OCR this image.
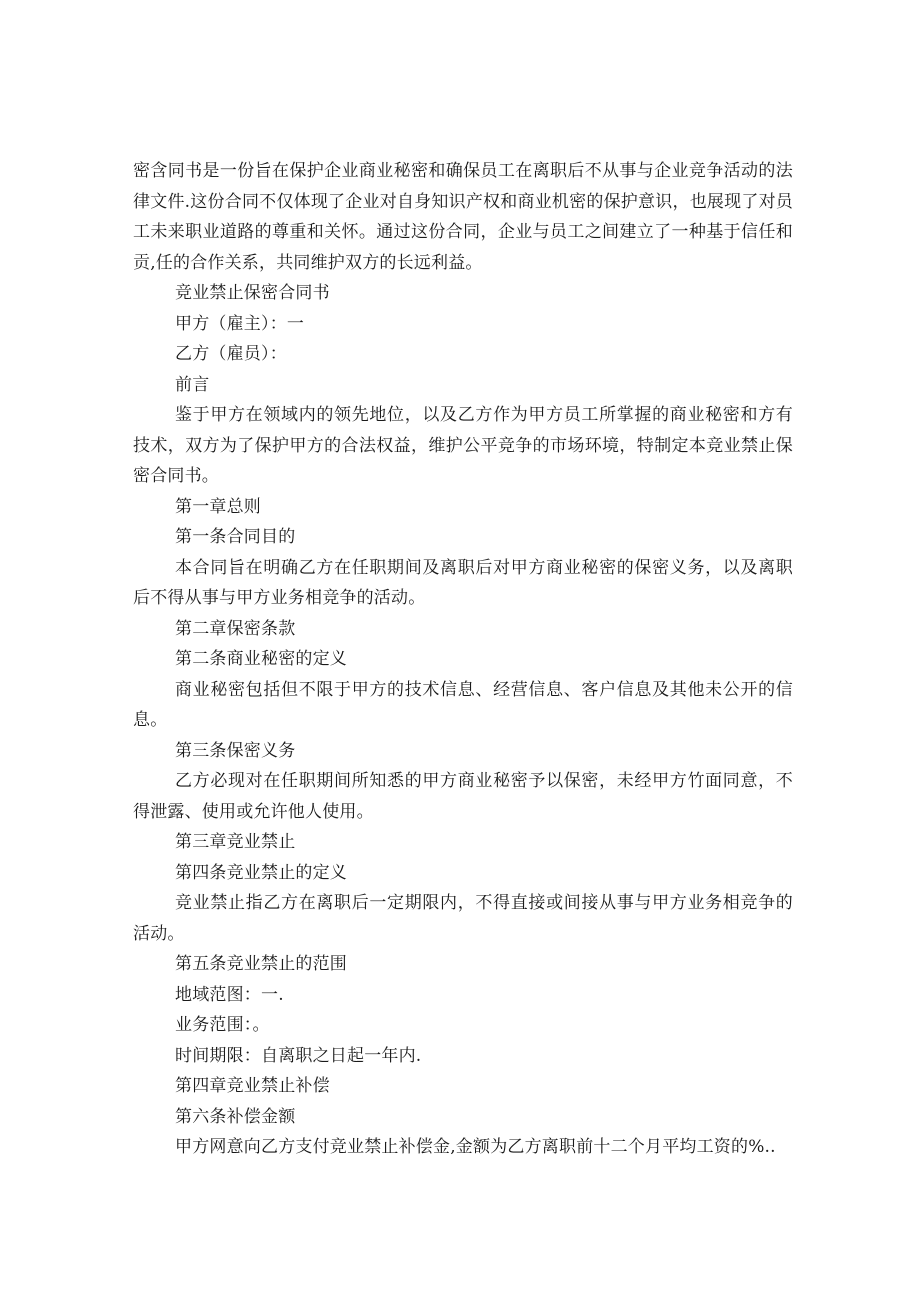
密含同书是一份旨在保护企业商业秘密和确保员工在离职后不从事与企业竞争活动的法律文件.这份合同不仅体现了企业对自身知识产权和商业机密的保护意识，也展现了对员工未来职业道路的尊重和关怀。通过这份合同，企业与员工之间建立了一种基于信任和贡,任的合作关系，共同维护双方的长远利益。

竞业禁止保密合同书

甲方（雇主）：一

乙方（雇员）：

前言

鉴于甲方在领域内的领先地位，以及乙方作为甲方员工所掌握的商业秘密和方有技术，双方为了保护甲方的合法权益，维护公平竞争的市场环境，特制定本竞业禁止保密合同书。

第一章总则

第一条合同目的

本合同旨在明确乙方在任职期间及离职后对甲方商业秘密的保密义务，以及离职后不得从事与甲方业务相竞争的活动。

第二章保密条款

第二条商业秘密的定义

商业秘密包括但不限于甲方的技术信息、经营信息、客户信息及其他未公开的信息。

第三条保密义务

乙方必现对在任职期间所知悉的甲方商业秘密予以保密，未经甲方竹面同意，不得泄露、使用或允许他人使用。

第三章竞业禁止

第四条竞业禁止的定义

竞业禁止指乙方在离职后一定期限内，不得直接或间接从事与甲方业务相竞争的活动。

第五条竞业禁止的范围

地域范图：一.

业务范围：。

时间期限：自离职之日起一年内.

第四章竞业禁止补偿

第六条补偿金额

甲方网意向乙方支付竞业禁止补偿金,金额为乙方离职前十二个月平均工资的%..
